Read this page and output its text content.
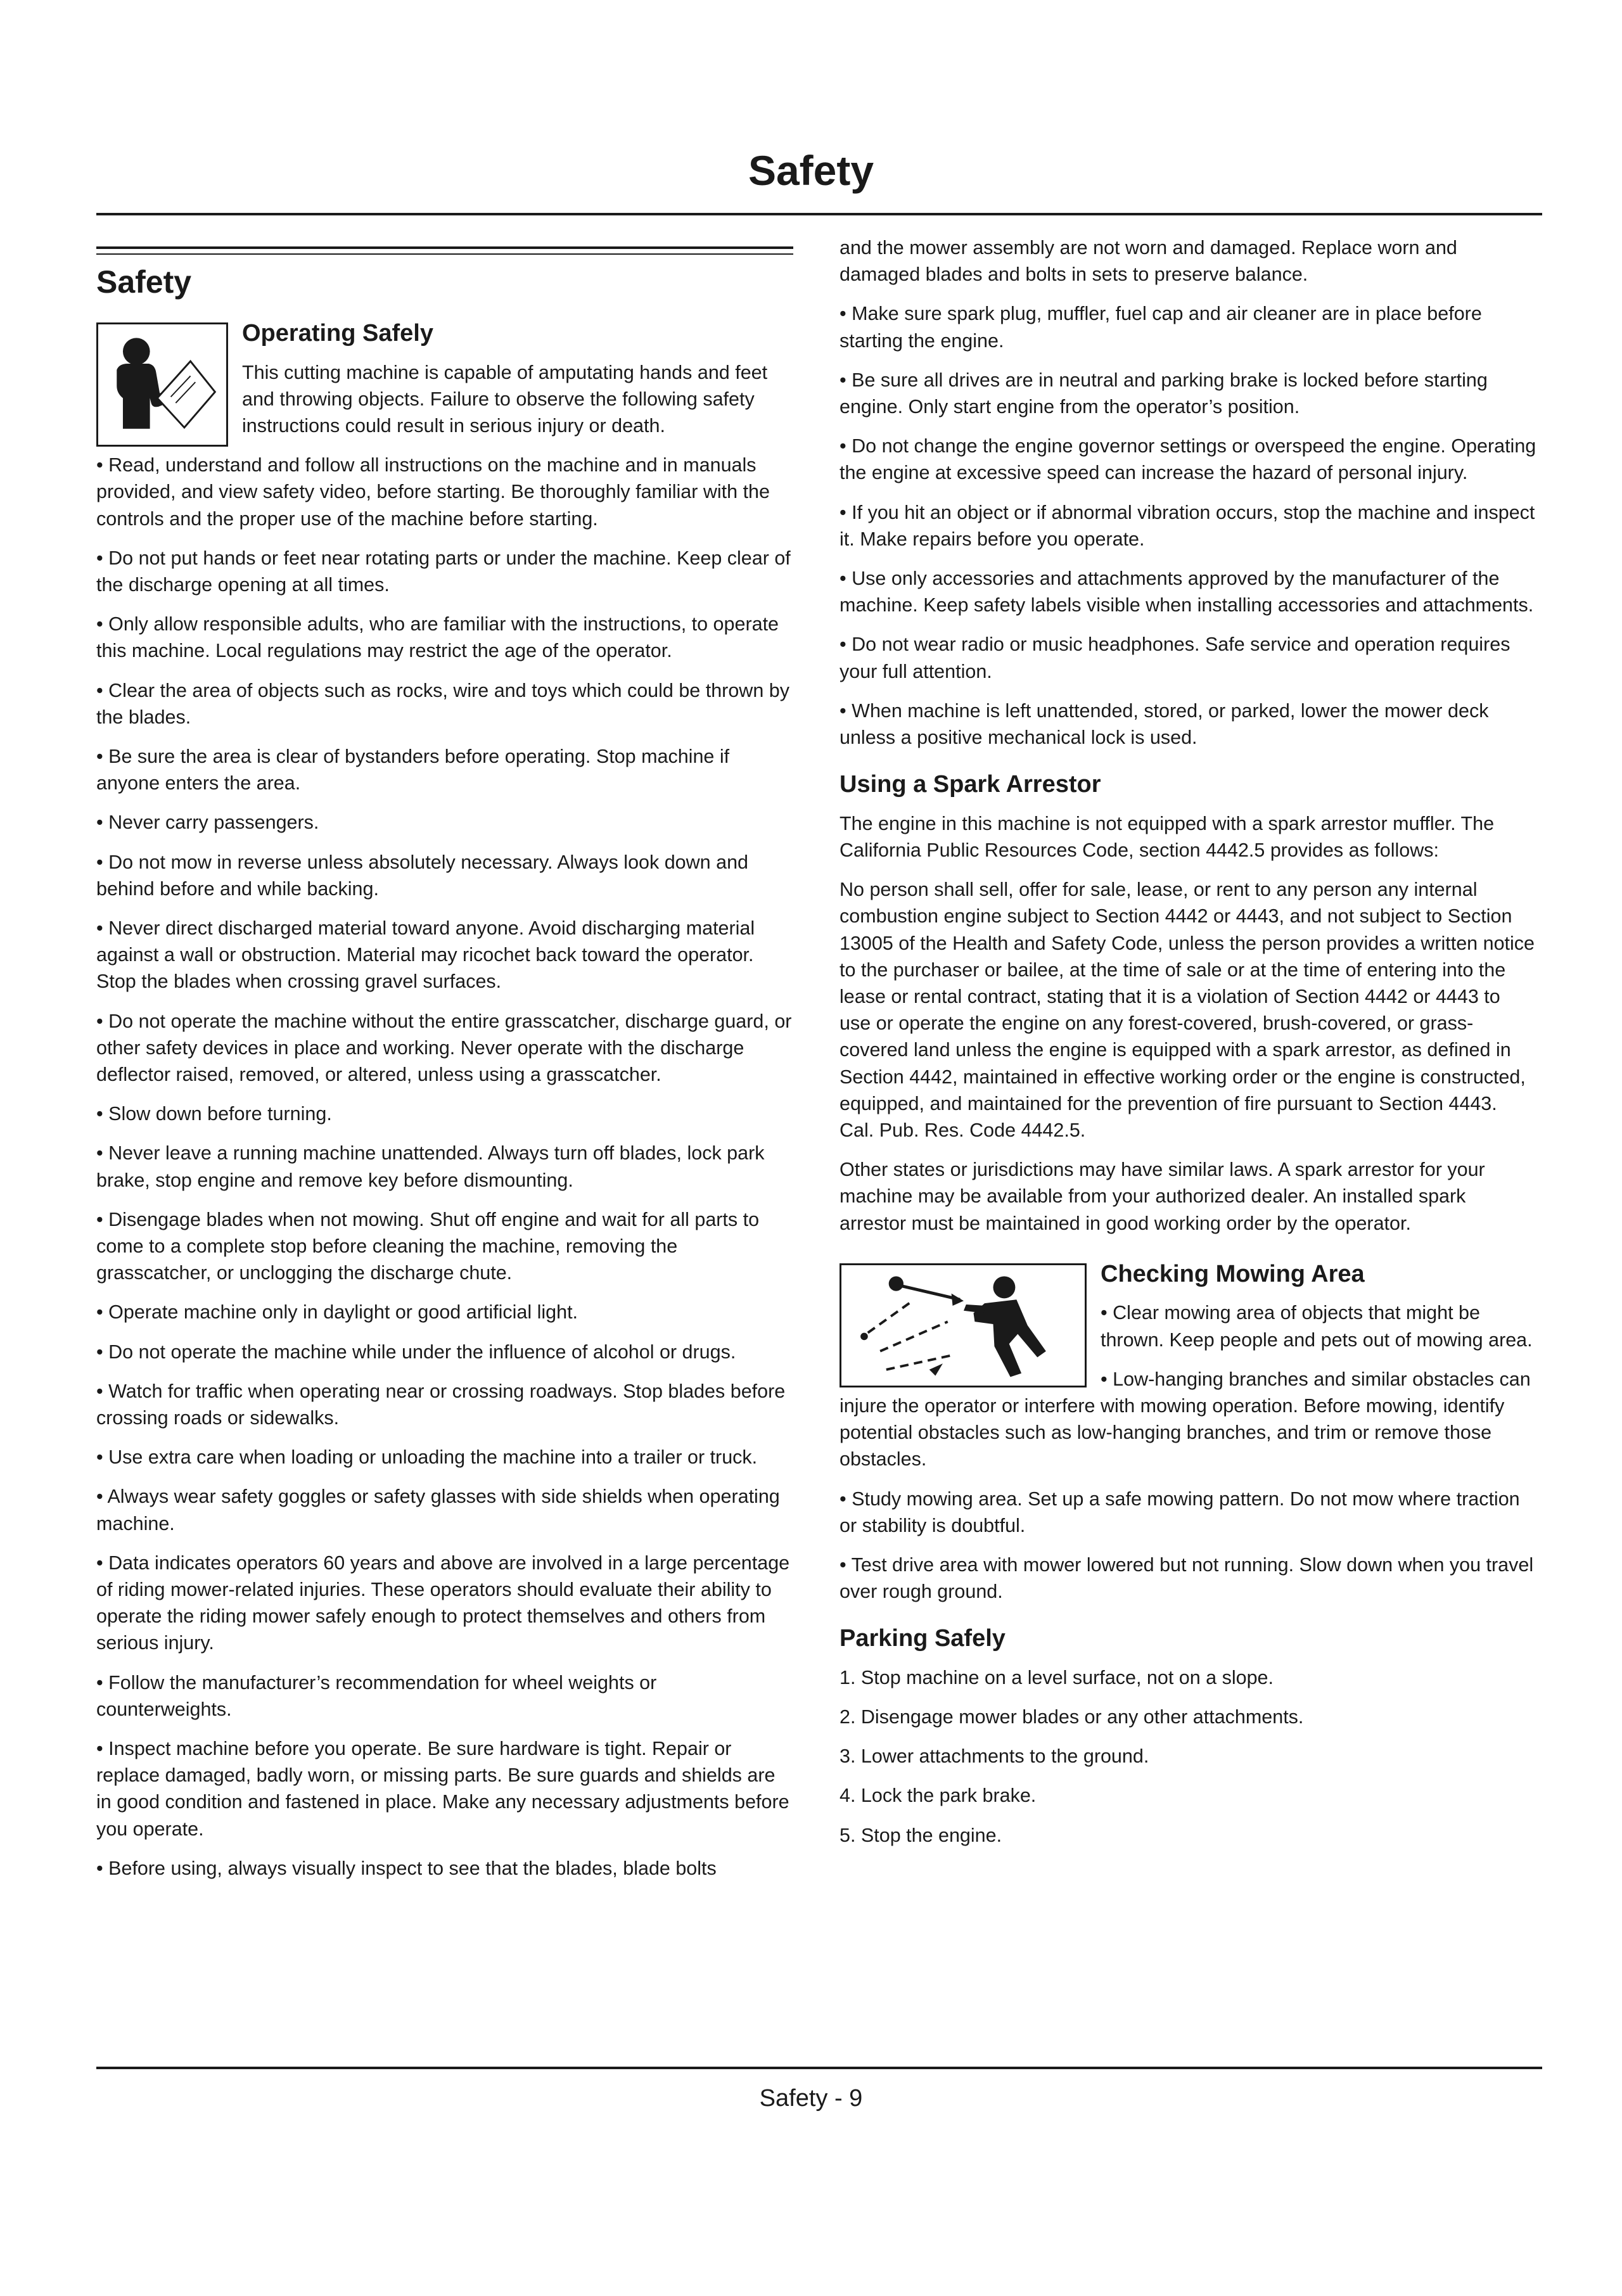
Safety
Safety
Operating Safely

This cutting machine is capable of amputating hands and feet and throwing objects. Failure to observe the following safety instructions could result in serious injury or death.

• Read, understand and follow all instructions on the machine and in manuals provided, and view safety video, before starting. Be thoroughly familiar with the controls and the proper use of the machine before starting.

• Do not put hands or feet near rotating parts or under the machine. Keep clear of the discharge opening at all times.

• Only allow responsible adults, who are familiar with the instructions, to operate this machine. Local regulations may restrict the age of the operator.

• Clear the area of objects such as rocks, wire and toys which could be thrown by the blades.

• Be sure the area is clear of bystanders before operating. Stop machine if anyone enters the area.

• Never carry passengers.

• Do not mow in reverse unless absolutely necessary. Always look down and behind before and while backing.

• Never direct discharged material toward anyone. Avoid discharging material against a wall or obstruction. Material may ricochet back toward the operator. Stop the blades when crossing gravel surfaces.

• Do not operate the machine without the entire grasscatcher, discharge guard, or other safety devices in place and working. Never operate with the discharge deflector raised, removed, or altered, unless using a grasscatcher.

• Slow down before turning.

• Never leave a running machine unattended. Always turn off blades, lock park brake, stop engine and remove key before dismounting.

• Disengage blades when not mowing. Shut off engine and wait for all parts to come to a complete stop before cleaning the machine, removing the grasscatcher, or unclogging the discharge chute.

• Operate machine only in daylight or good artificial light.

• Do not operate the machine while under the influence of alcohol or drugs.

• Watch for traffic when operating near or crossing roadways. Stop blades before crossing roads or sidewalks.

• Use extra care when loading or unloading the machine into a trailer or truck.

• Always wear safety goggles or safety glasses with side shields when operating machine.

• Data indicates operators 60 years and above are involved in a large percentage of riding mower-related injuries. These operators should evaluate their ability to operate the riding mower safely enough to protect themselves and others from serious injury.

• Follow the manufacturer’s recommendation for wheel weights or counterweights.

• Inspect machine before you operate. Be sure hardware is tight. Repair or replace damaged, badly worn, or missing parts. Be sure guards and shields are in good condition and fastened in place. Make any necessary adjustments before you operate.

• Before using, always visually inspect to see that the blades, blade bolts

and the mower assembly are not worn and damaged. Replace worn and damaged blades and bolts in sets to preserve balance.

• Make sure spark plug, muffler, fuel cap and air cleaner are in place before starting the engine.

• Be sure all drives are in neutral and parking brake is locked before starting engine. Only start engine from the operator’s position.

• Do not change the engine governor settings or overspeed the engine. Operating the engine at excessive speed can increase the hazard of personal injury.

• If you hit an object or if abnormal vibration occurs, stop the machine and inspect it. Make repairs before you operate.

• Use only accessories and attachments approved by the manufacturer of the machine. Keep safety labels visible when installing accessories and attachments.

• Do not wear radio or music headphones. Safe service and operation requires your full attention.

• When machine is left unattended, stored, or parked, lower the mower deck unless a positive mechanical lock is used.

Using a Spark Arrestor

The engine in this machine is not equipped with a spark arrestor muffler. The California Public Resources Code, section 4442.5 provides as follows:

No person shall sell, offer for sale, lease, or rent to any person any internal combustion engine subject to Section 4442 or 4443, and not subject to Section 13005 of the Health and Safety Code, unless the person provides a written notice to the purchaser or bailee, at the time of sale or at the time of entering into the lease or rental contract, stating that it is a violation of Section 4442 or 4443 to use or operate the engine on any forest-covered, brush-covered, or grass-covered land unless the engine is equipped with a spark arrestor, as defined in Section 4442, maintained in effective working order or the engine is constructed, equipped, and maintained for the prevention of fire pursuant to Section 4443. Cal. Pub. Res. Code 4442.5.

Other states or jurisdictions may have similar laws. A spark arrestor for your machine may be available from your authorized dealer. An installed spark arrestor must be maintained in good working order by the operator.

Checking Mowing Area

• Clear mowing area of objects that might be thrown. Keep people and pets out of mowing area.

• Low-hanging branches and similar obstacles can injure the operator or interfere with mowing operation. Before mowing, identify potential obstacles such as low-hanging branches, and trim or remove those obstacles.

• Study mowing area. Set up a safe mowing pattern. Do not mow where traction or stability is doubtful.

• Test drive area with mower lowered but not running. Slow down when you travel over rough ground.

Parking Safely

1. Stop machine on a level surface, not on a slope.

2. Disengage mower blades or any other attachments.

3. Lower attachments to the ground.

4. Lock the park brake.

5. Stop the engine.

Safety - 9
